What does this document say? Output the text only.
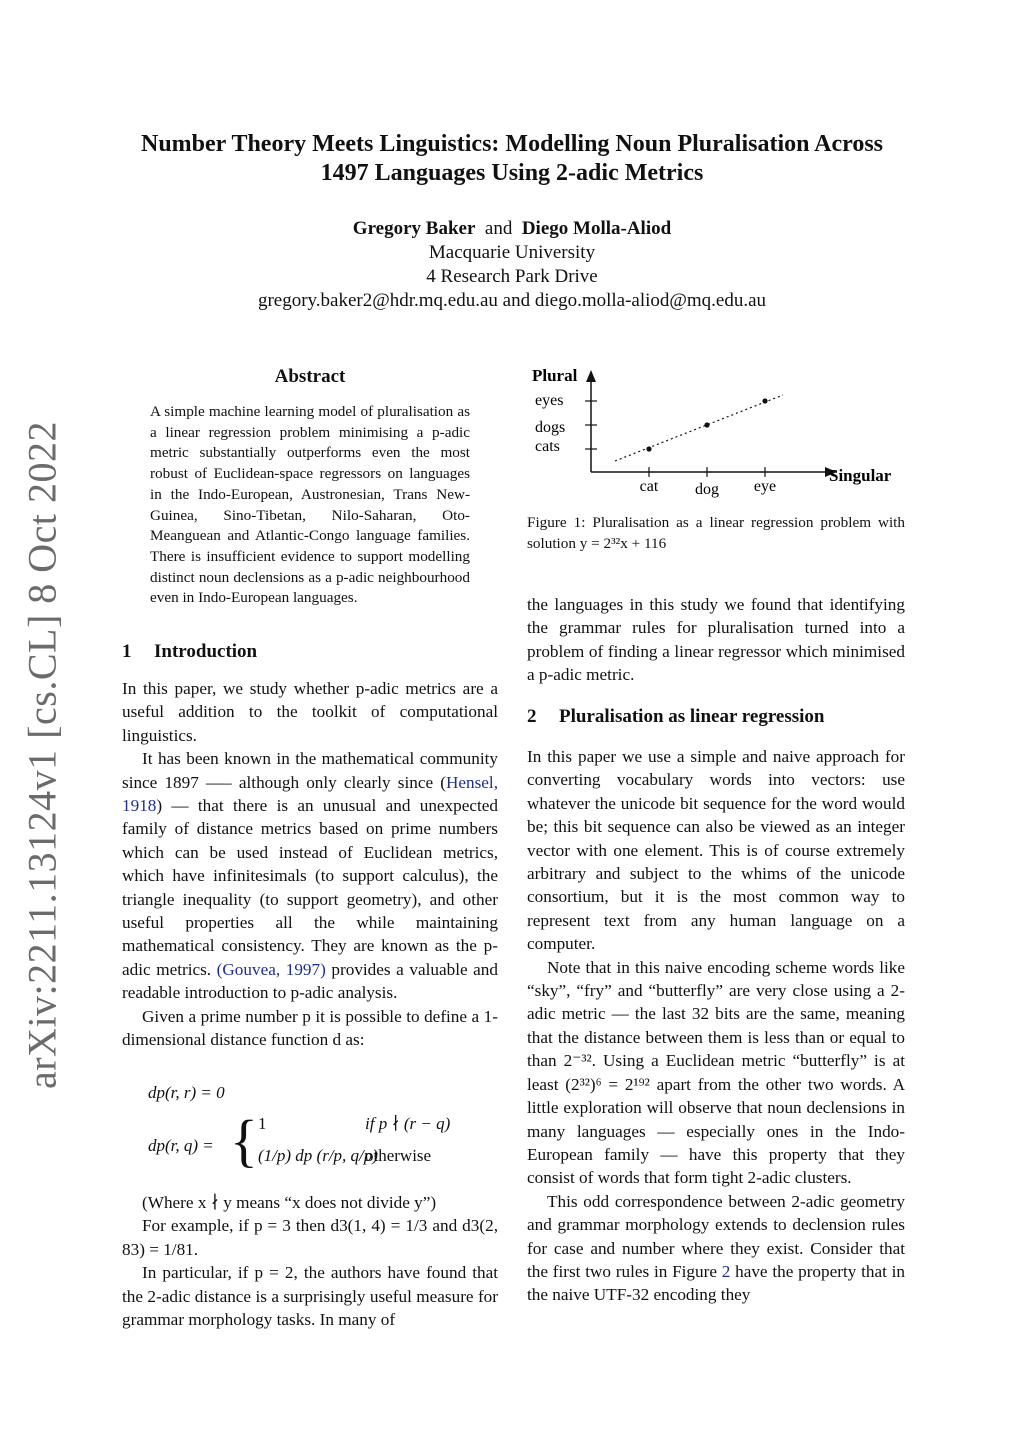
arXiv:2211.13124v1 [cs.CL] 8 Oct 2022
Number Theory Meets Linguistics: Modelling Noun Pluralisation Across
1497 Languages Using 2-adic Metrics
Gregory Baker and Diego Molla-Aliod
Macquarie University
4 Research Park Drive
gregory.baker2@hdr.mq.edu.au and diego.molla-aliod@mq.edu.au
Abstract
A simple machine learning model of pluralisation as a linear regression problem minimising a p-adic metric substantially outperforms even the most robust of Euclidean-space regressors on languages in the Indo-European, Austronesian, Trans New-Guinea, Sino-Tibetan, Nilo-Saharan, Oto-Meanguean and Atlantic-Congo language families. There is insufficient evidence to support modelling distinct noun declensions as a p-adic neighbourhood even in Indo-European languages.
1 Introduction

In this paper, we study whether p-adic metrics are a useful addition to the toolkit of computational linguistics.

It has been known in the mathematical community since 1897 —– although only clearly since (Hensel, 1918) — that there is an unusual and unexpected family of distance metrics based on prime numbers which can be used instead of Euclidean metrics, which have infinitesimals (to support calculus), the triangle inequality (to support geometry), and other useful properties all the while maintaining mathematical consistency. They are known as the p-adic metrics. (Gouvea, 1997) provides a valuable and readable introduction to p-adic analysis.

Given a prime number p it is possible to define a 1-dimensional distance function d as:

dp(r, r) = 0
dp(r, q) = { 1	if p ∤ (r − q)
(1/p) dp (r/p, q/p)
otherwise

(Where x ∤ y means “x does not divide y”)

For example, if p = 3 then d3(1, 4) = 1/3 and d3(2, 83) = 1/81.

In particular, if p = 2, the authors have found that the 2-adic distance is a surprisingly useful measure for grammar morphology tasks. In many of

cat dog eye
cats
dogs
eyes
Plural
Singular
Figure 1: Pluralisation as a linear regression problem with solution y = 2³²x + 116

the languages in this study we found that identifying the grammar rules for pluralisation turned into a problem of finding a linear regressor which minimised a p-adic metric.

2 Pluralisation as linear regression

In this paper we use a simple and naive approach for converting vocabulary words into vectors: use whatever the unicode bit sequence for the word would be; this bit sequence can also be viewed as an integer vector with one element. This is of course extremely arbitrary and subject to the whims of the unicode consortium, but it is the most common way to represent text from any human language on a computer.

Note that in this naive encoding scheme words like “sky”, “fry” and “butterfly” are very close using a 2-adic metric — the last 32 bits are the same, meaning that the distance between them is less than or equal to than 2⁻³². Using a Euclidean metric “butterfly” is at least (2³²)⁶ = 2¹⁹² apart from the other two words. A little exploration will observe that noun declensions in many languages — especially ones in the Indo-European family — have this property that they consist of words that form tight 2-adic clusters.

This odd correspondence between 2-adic geometry and grammar morphology extends to declension rules for case and number where they exist. Consider that the first two rules in Figure 2 have the property that in the naive UTF-32 encoding they
